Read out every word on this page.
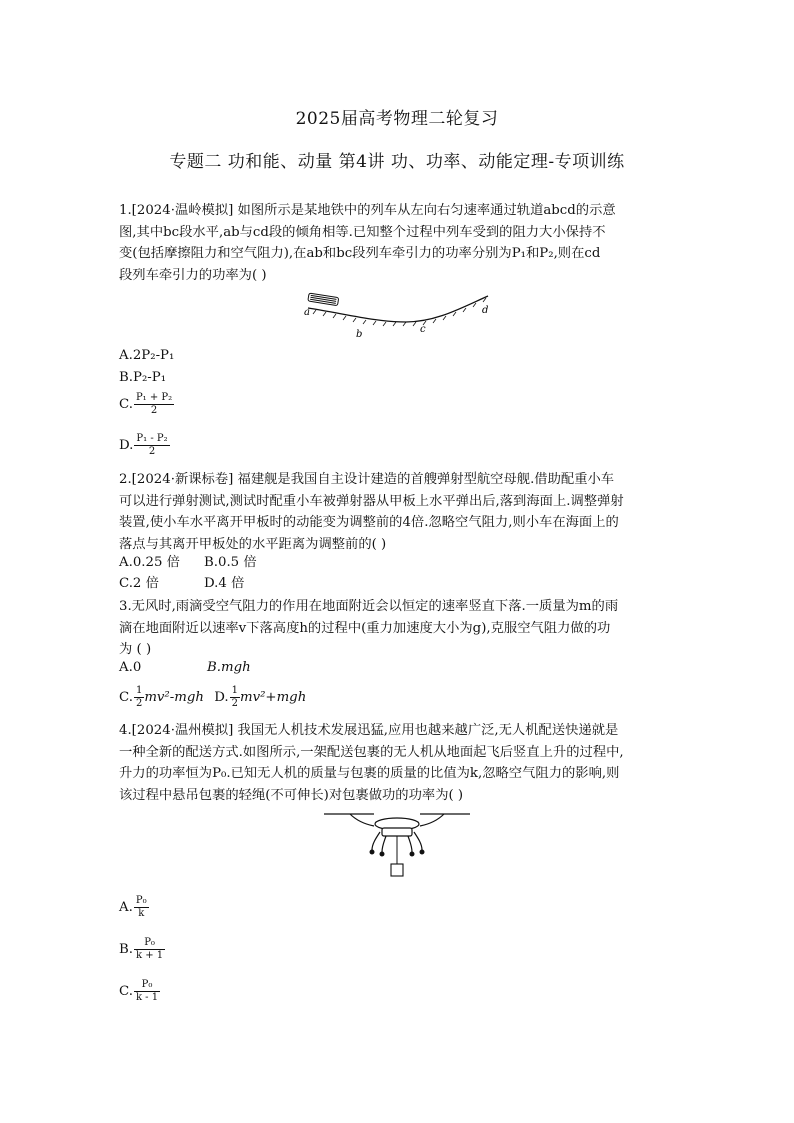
2025届高考物理二轮复习
专题二 功和能、动量 第4讲 功、功率、动能定理-专项训练
1.[2024·温岭模拟] 如图所示是某地铁中的列车从左向右匀速率通过轨道abcd的示意
图,其中bc段水平,ab与cd段的倾角相等.已知整个过程中列车受到的阻力大小保持不
变(包括摩擦阻力和空气阻力),在ab和bc段列车牵引力的功率分别为P₁和P₂,则在cd
段列车牵引力的功率为( )
a
b	c
d
A.2P₂-P₁
B.P₂-P₁
C. $\frac{\text{P₁ + P₂}}{2}$
D. $\frac{\text{P₁ - P₂}}{2}$
2.[2024·新课标卷] 福建舰是我国自主设计建造的首艘弹射型航空母舰.借助配重小车
可以进行弹射测试,测试时配重小车被弹射器从甲板上水平弹出后,落到海面上.调整弹射
装置,使小车水平离开甲板时的动能变为调整前的4倍.忽略空气阻力,则小车在海面上的
落点与其离开甲板处的水平距离为调整前的( )
A.0.25 倍 B.0.5 倍
C.2 倍	D.4 倍
3.无风时,雨滴受空气阻力的作用在地面附近会以恒定的速率竖直下落.一质量为m的雨
滴在地面附近以速率v下落高度h的过程中(重力加速度大小为g),克服空气阻力做的功
为 ( )
A.0	B.mgh
C. $\frac{1}{2} mv^2-mgh$ D. $\frac{1}{2} mv^2+mgh$
4.[2024·温州模拟] 我国无人机技术发展迅猛,应用也越来越广泛,无人机配送快递就是
一种全新的配送方式.如图所示,一架配送包裹的无人机从地面起飞后竖直上升的过程中,
升力的功率恒为P₀.已知无人机的质量与包裹的质量的比值为k,忽略空气阻力的影响,则
该过程中悬吊包裹的轻绳(不可伸长)对包裹做功的功率为( )
A. $\frac{\text{P₀}}{k}$
B. $\frac{\text{P₀}}{k + 1}$
C. $\frac{\text{P₀}}{k - 1}$
